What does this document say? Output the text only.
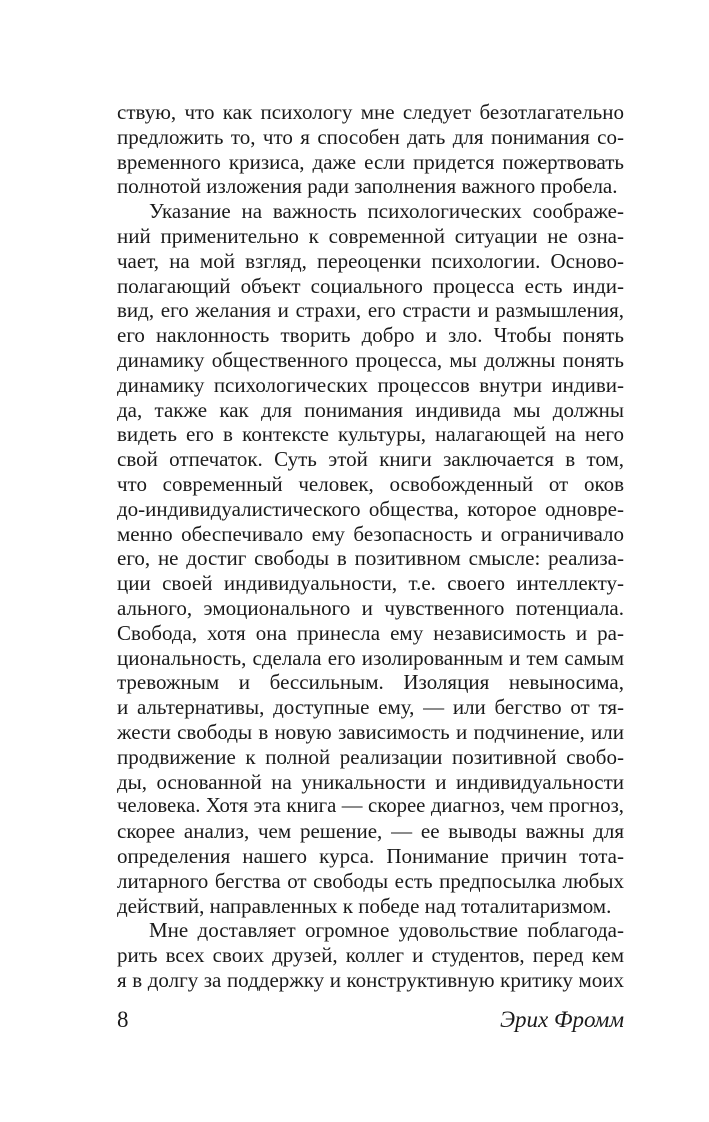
ствую, что как психологу мне следует безотлагательно
предложить то, что я способен дать для понимания со-
временного кризиса, даже если придется пожертвовать
полнотой изложения ради заполнения важного пробела.
Указание на важность психологических соображе-
ний применительно к современной ситуации не озна-
чает, на мой взгляд, переоценки психологии. Осново-
полагающий объект социального процесса есть инди-
вид, его желания и страхи, его страсти и размышления,
его наклонность творить добро и зло. Чтобы понять
динамику общественного процесса, мы должны понять
динамику психологических процессов внутри индиви-
да, также как для понимания индивида мы должны
видеть его в контексте культуры, налагающей на него
свой отпечаток. Суть этой книги заключается в том,
что современный человек, освобожденный от оков
до-индивидуалистического общества, которое одновре-
менно обеспечивало ему безопасность и ограничивало
его, не достиг свободы в позитивном смысле: реализа-
ции своей индивидуальности, т.е. своего интеллекту-
ального, эмоционального и чувственного потенциала.
Свобода, хотя она принесла ему независимость и ра-
циональность, сделала его изолированным и тем самым
тревожным и бессильным. Изоляция невыносима,
и альтернативы, доступные ему, — или бегство от тя-
жести свободы в новую зависимость и подчинение, или
продвижение к полной реализации позитивной свобо-
ды, основанной на уникальности и индивидуальности
человека. Хотя эта книга — скорее диагноз, чем прогноз,
скорее анализ, чем решение, — ее выводы важны для
определения нашего курса. Понимание причин тота-
литарного бегства от свободы есть предпосылка любых
действий, направленных к победе над тоталитаризмом.
Мне доставляет огромное удовольствие поблагода-
рить всех своих друзей, коллег и студентов, перед кем
я в долгу за поддержку и конструктивную критику моих
8	Эрих Фромм
